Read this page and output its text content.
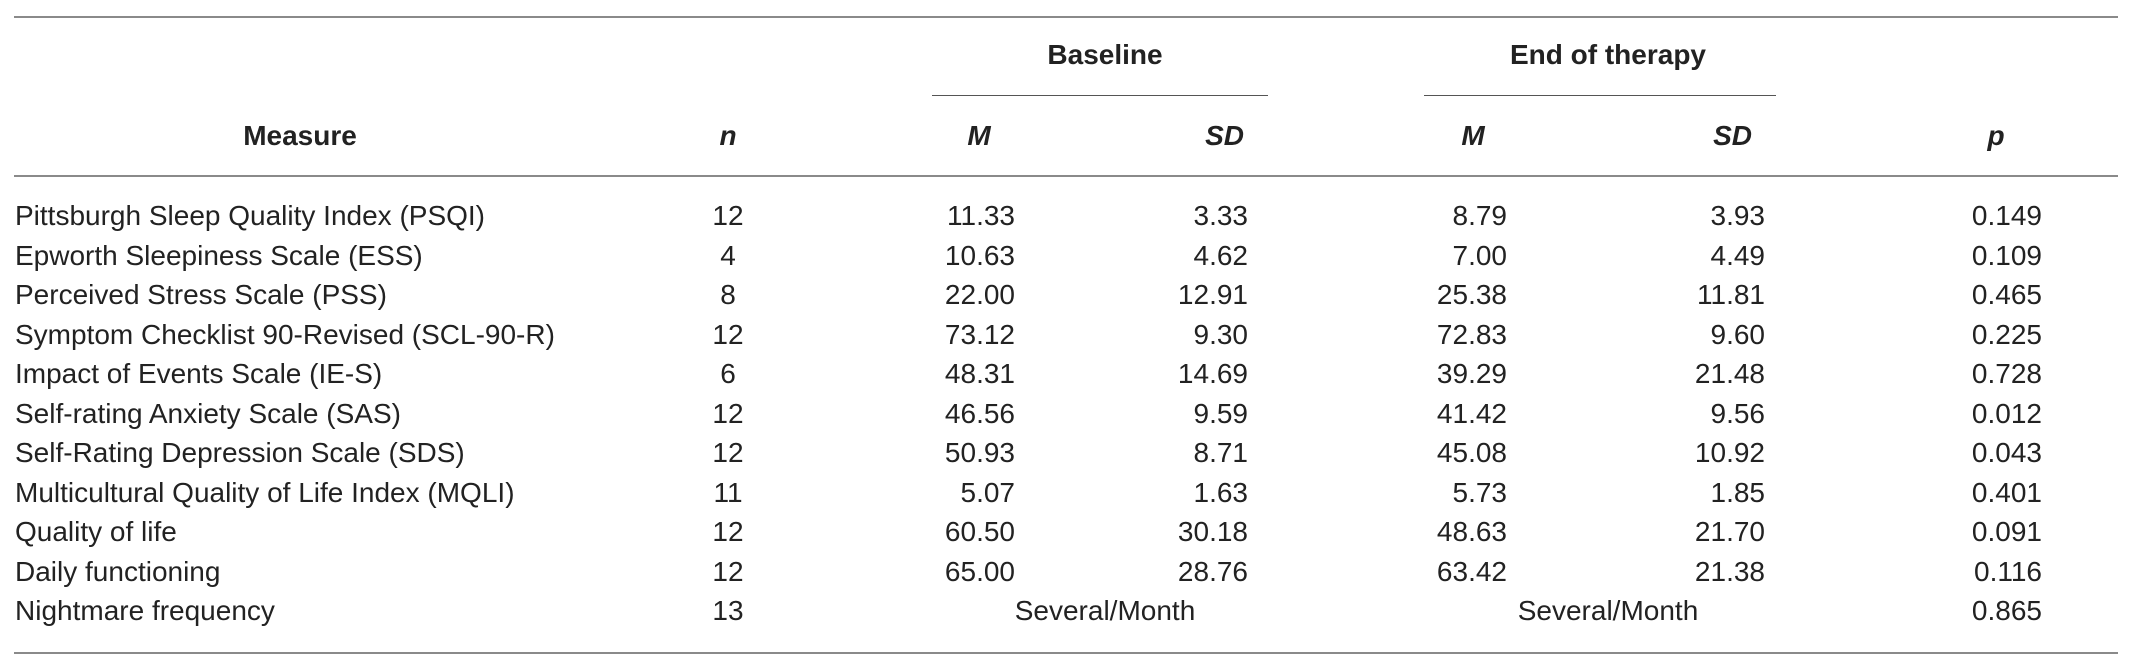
Baseline	End of therapy
Measure	n	M	SD	M	SD	p
Pittsburgh Sleep Quality Index (PSQI)	12	11.33	3.33	8.79	3.93	0.149
Epworth Sleepiness Scale (ESS)	4	10.63	4.62	7.00	4.49	0.109
Perceived Stress Scale (PSS)	8	22.00	12.91	25.38	11.81	0.465
Symptom Checklist 90-Revised (SCL-90-R)	12	73.12	9.30	72.83	9.60	0.225
Impact of Events Scale (IE-S)	6	48.31	14.69	39.29	21.48	0.728
Self-rating Anxiety Scale (SAS)	12	46.56	9.59	41.42	9.56	0.012
Self-Rating Depression Scale (SDS)	12	50.93	8.71	45.08	10.92	0.043
Multicultural Quality of Life Index (MQLI)	11	5.07	1.63	5.73	1.85	0.401
Quality of life	12	60.50	30.18	48.63	21.70	0.091
Daily functioning	12	65.00	28.76	63.42	21.38	0.116
Nightmare frequency	13	Several/Month	Several/Month	0.865
